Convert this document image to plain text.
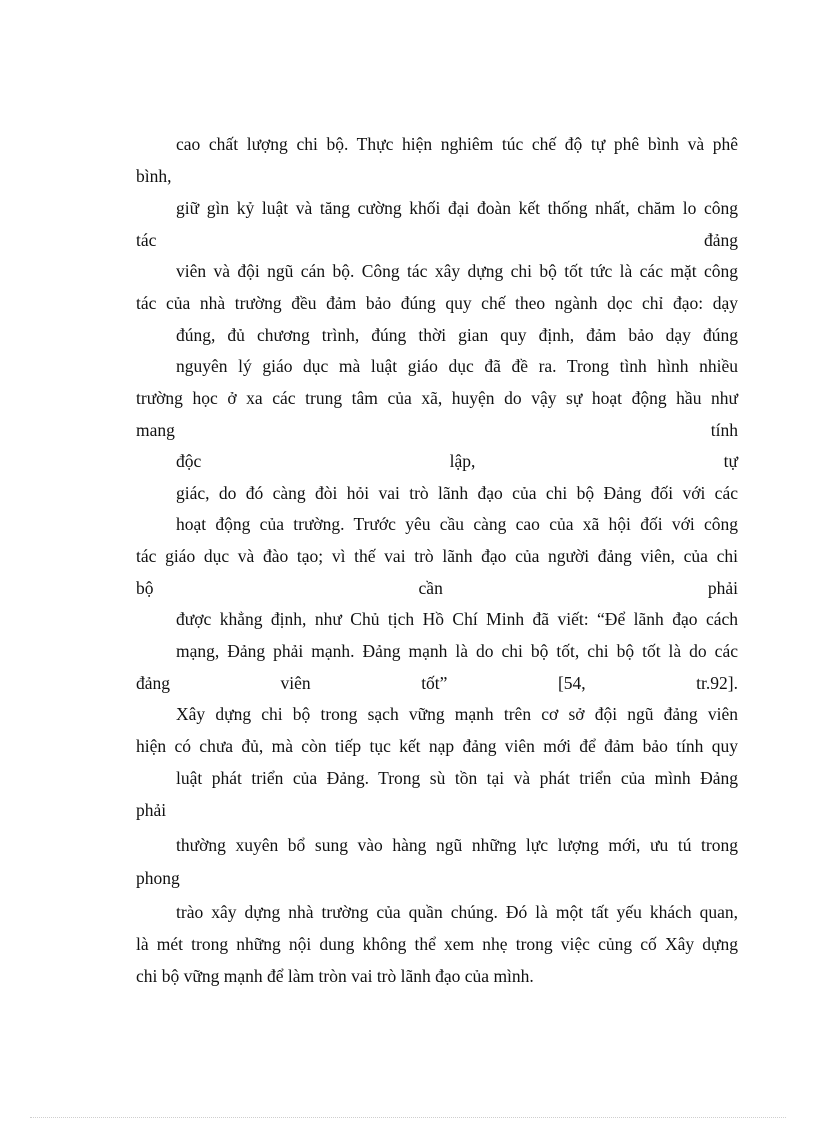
cao chất lượng chi bộ. Thực hiện nghiêm túc chế độ tự phê bình và phê
bình,
giữ gìn kỷ luật và tăng cường khối đại đoàn kết thống nhất, chăm lo công
tác đảng
viên và đội ngũ cán bộ. Công tác xây dựng chi bộ tốt tức là các mặt công
tác của nhà trường đều đảm bảo đúng quy chế theo ngành dọc chỉ đạo: dạy
đúng, đủ chương trình, đúng thời gian quy định, đảm bảo dạy đúng
nguyên lý giáo dục mà luật giáo dục đã đề ra. Trong tình hình nhiều
trường học ở xa các trung tâm của xã, huyện do vậy sự hoạt động hầu như
mang tính
độc lập, tự
giác, do đó càng đòi hỏi vai trò lãnh đạo của chi bộ Đảng đối với các
hoạt động của trường. Trước yêu cầu càng cao của xã hội đối với công
tác giáo dục và đào tạo; vì thế vai trò lãnh đạo của người đảng viên, của chi
bộ cần phải
được khẳng định, như Chủ tịch Hồ Chí Minh đã viết: “Để lãnh đạo cách
mạng, Đảng phải mạnh. Đảng mạnh là do chi bộ tốt, chi bộ tốt là do các
đảng viên tốt” [54, tr.92].
Xây dựng chi bộ trong sạch vững mạnh trên cơ sở đội ngũ đảng viên
hiện có chưa đủ, mà còn tiếp tục kết nạp đảng viên mới để đảm bảo tính quy
luật phát triển của Đảng. Trong sù tồn tại và phát triển của mình Đảng
phải
thường xuyên bổ sung vào hàng ngũ những lực lượng mới, ưu tú trong
phong
trào xây dựng nhà trường của quần chúng. Đó là một tất yếu khách quan,
là mét trong những nội dung không thể xem nhẹ trong việc củng cố Xây dựng
chi bộ vững mạnh để làm tròn vai trò lãnh đạo của mình.
